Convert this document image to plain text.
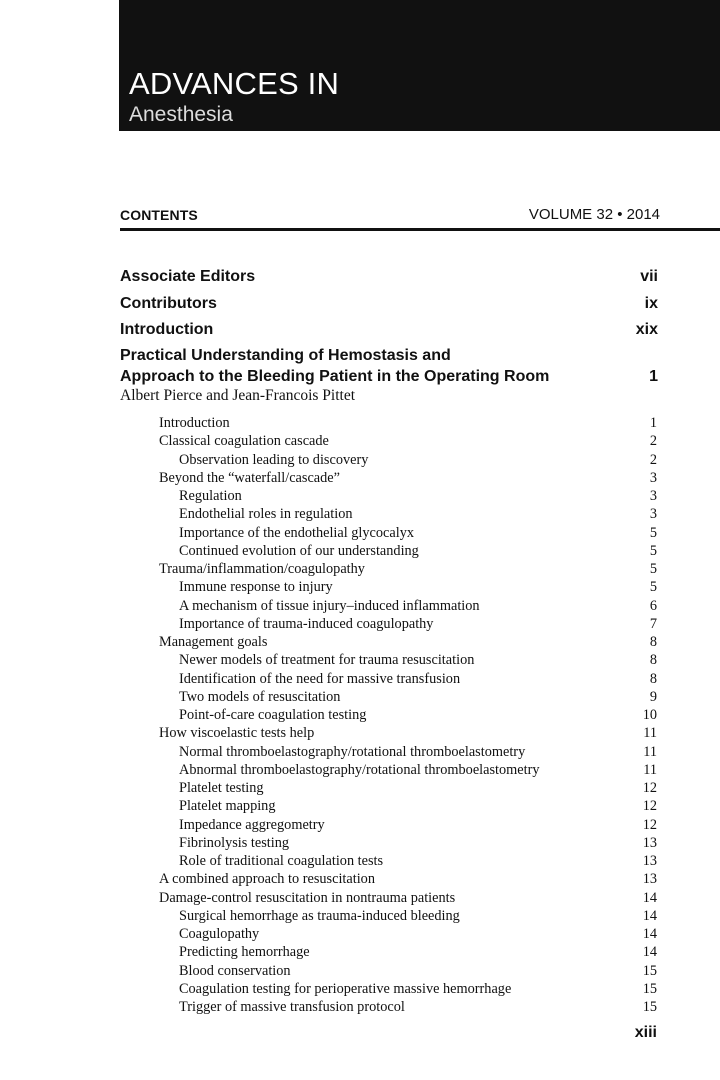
ADVANCES IN
Anesthesia
CONTENTS	VOLUME 32 • 2014
Associate Editors	vii
Contributors	ix
Introduction	xix
Practical Understanding of Hemostasis and
Approach to the Bleeding Patient in the Operating Room	1
Albert Pierce and Jean-Francois Pittet
Introduction	1
Classical coagulation cascade	2
Observation leading to discovery	2
Beyond the “waterfall/cascade”	3
Regulation	3
Endothelial roles in regulation	3
Importance of the endothelial glycocalyx	5
Continued evolution of our understanding	5
Trauma/inflammation/coagulopathy	5
Immune response to injury	5
A mechanism of tissue injury–induced inflammation	6
Importance of trauma-induced coagulopathy	7
Management goals	8
Newer models of treatment for trauma resuscitation	8
Identification of the need for massive transfusion	8
Two models of resuscitation	9
Point-of-care coagulation testing	10
How viscoelastic tests help	11
Normal thromboelastography/rotational thromboelastometry	11
Abnormal thromboelastography/rotational thromboelastometry	11
Platelet testing	12
Platelet mapping	12
Impedance aggregometry	12
Fibrinolysis testing	13
Role of traditional coagulation tests	13
A combined approach to resuscitation	13
Damage-control resuscitation in nontrauma patients	14
Surgical hemorrhage as trauma-induced bleeding	14
Coagulopathy	14
Predicting hemorrhage	14
Blood conservation	15
Coagulation testing for perioperative massive hemorrhage	15
Trigger of massive transfusion protocol	15
xiii
